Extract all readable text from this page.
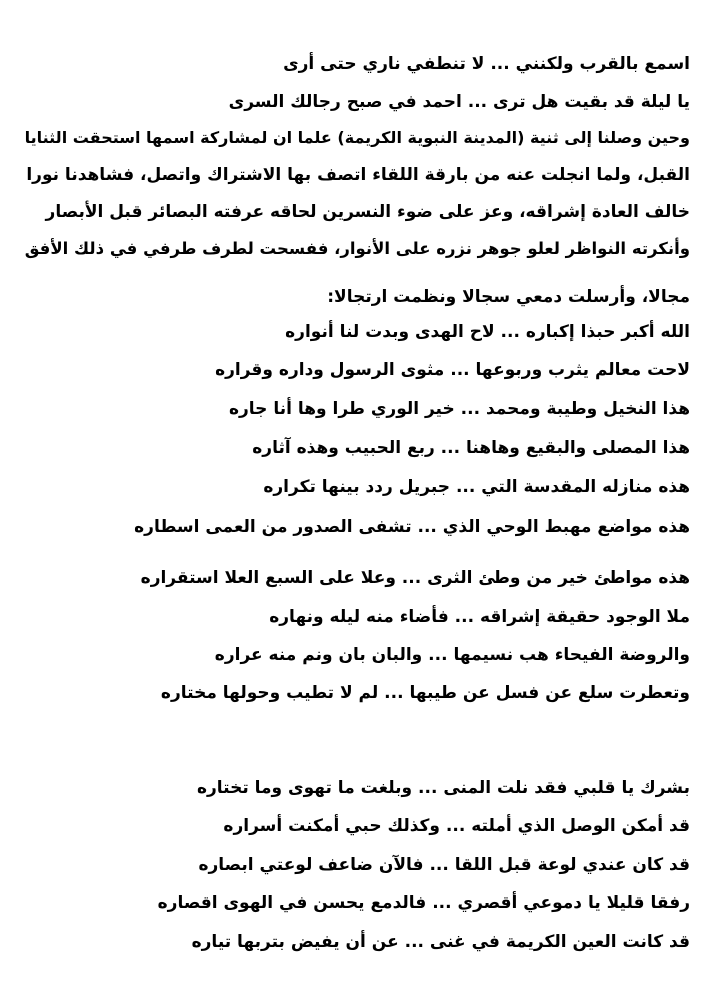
اسمع بالقرب ولكنني ... لا تنطفي ناري حتى أرى
يا ليلة قد بقيت هل ترى ... احمد في صبح رجالك السرى
وحين وصلنا إلى ثنية (المدينة النبوية الكريمة) علما ان لمشاركة اسمها استحقت الثنايا
القبل، ولما انجلت عنه من بارقة اللقاء اتصف بها الاشتراك واتصل، فشاهدنا نورا
خالف العادة إشراقه، وعز على ضوء النسرين لحاقه عرفته البصائر قبل الأبصار
وأنكرته النواظر لعلو جوهر نزره على الأنوار، ففسحت لطرف طرفي في ذلك الأفق
مجالا، وأرسلت دمعي سجالا ونظمت ارتجالا:
الله أكبر حبذا إكباره ... لاح الهدى وبدت لنا أنواره
لاحت معالم يثرب وربوعها ... مثوى الرسول وداره وقراره
هذا النخيل وطيبة ومحمد ... خير الوري طرا وها أنا جاره
هذا المصلى والبقيع وهاهنا ... ربع الحبيب وهذه آثاره
هذه منازله المقدسة التي ... جبريل ردد بينها تكراره
هذه مواضع مهبط الوحي الذي ... تشفى الصدور من العمى اسطاره
هذه مواطئ خير من وطئ الثرى ... وعلا على السبع العلا استقراره
ملا الوجود حقيقة إشراقه ... فأضاء منه ليله ونهاره
والروضة الفيحاء هب نسيمها ... والبان بان ونم منه عراره
وتعطرت سلع عن فسل عن طيبها ... لم لا تطيب وحولها مختاره
بشرك يا قلبي فقد نلت المنى ... وبلغت ما تهوى وما تختاره
قد أمكن الوصل الذي أملته ... وكذلك حبي أمكنت أسراره
قد كان عندي لوعة قبل اللقا ... فالآن ضاعف لوعتي ابصاره
رفقا قليلا يا دموعي أقصري ... فالدمع يحسن في الهوى اقصاره
قد كانت العين الكريمة في غنى ... عن أن يفيض بتربها تياره
